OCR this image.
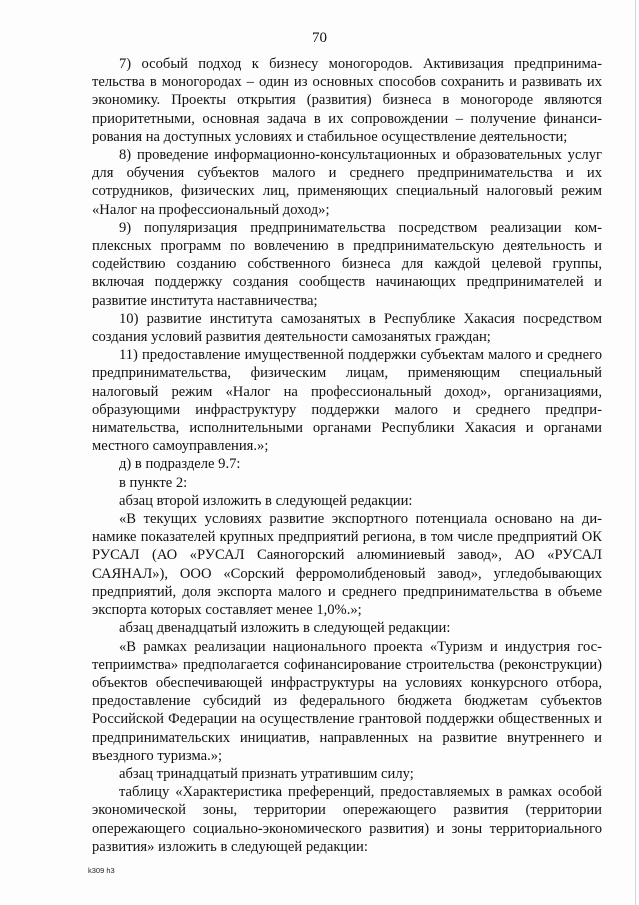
70

7) особый подход к бизнесу моногородов. Активизация предпринимательства в моногородах – один из основных способов сохранить и развивать их экономику. Проекты открытия (развития) бизнеса в моногороде являются приоритетными, основная задача в их сопровождении – получение финансирования на доступных условиях и стабильное осуществление деятельности;

8) проведение информационно-консультационных и образовательных услуг для обучения субъектов малого и среднего предпринимательства и их сотрудников, физических лиц, применяющих специальный налоговый режим «Налог на профессиональный доход»;

9) популяризация предпринимательства посредством реализации комплексных программ по вовлечению в предпринимательскую деятельность и содействию созданию собственного бизнеса для каждой целевой группы, включая поддержку создания сообществ начинающих предпринимателей и развитие института наставничества;

10) развитие института самозанятых в Республике Хакасия посредством создания условий развития деятельности самозанятых граждан;

11) предоставление имущественной поддержки субъектам малого и среднего предпринимательства, физическим лицам, применяющим специальный налоговый режим «Налог на профессиональный доход», организациями, образующими инфраструктуру поддержки малого и среднего предпринимательства, исполнительными органами Республики Хакасия и органами местного самоуправления.»;

д) в подразделе 9.7:

в пункте 2:

абзац второй изложить в следующей редакции:

«В текущих условиях развитие экспортного потенциала основано на динамике показателей крупных предприятий региона, в том числе предприятий ОК РУСАЛ (АО «РУСАЛ Саяногорский алюминиевый завод», АО «РУСАЛ САЯНАЛ»), ООО «Сорский ферромолибденовый завод», угледобывающих предприятий, доля экспорта малого и среднего предпринимательства в объеме экспорта которых составляет менее 1,0%.»;

абзац двенадцатый изложить в следующей редакции:

«В рамках реализации национального проекта «Туризм и индустрия гостеприимства» предполагается софинансирование строительства (реконструкции) объектов обеспечивающей инфраструктуры на условиях конкурсного отбора, предоставление субсидий из федерального бюджета бюджетам субъектов Российской Федерации на осуществление грантовой поддержки общественных и предпринимательских инициатив, направленных на развитие внутреннего и въездного туризма.»;

абзац тринадцатый признать утратившим силу;

таблицу «Характеристика преференций, предоставляемых в рамках особой экономической зоны, территории опережающего развития (территории опережающего социально-экономического развития) и зоны территориального развития» изложить в следующей редакции:

k309 h3
